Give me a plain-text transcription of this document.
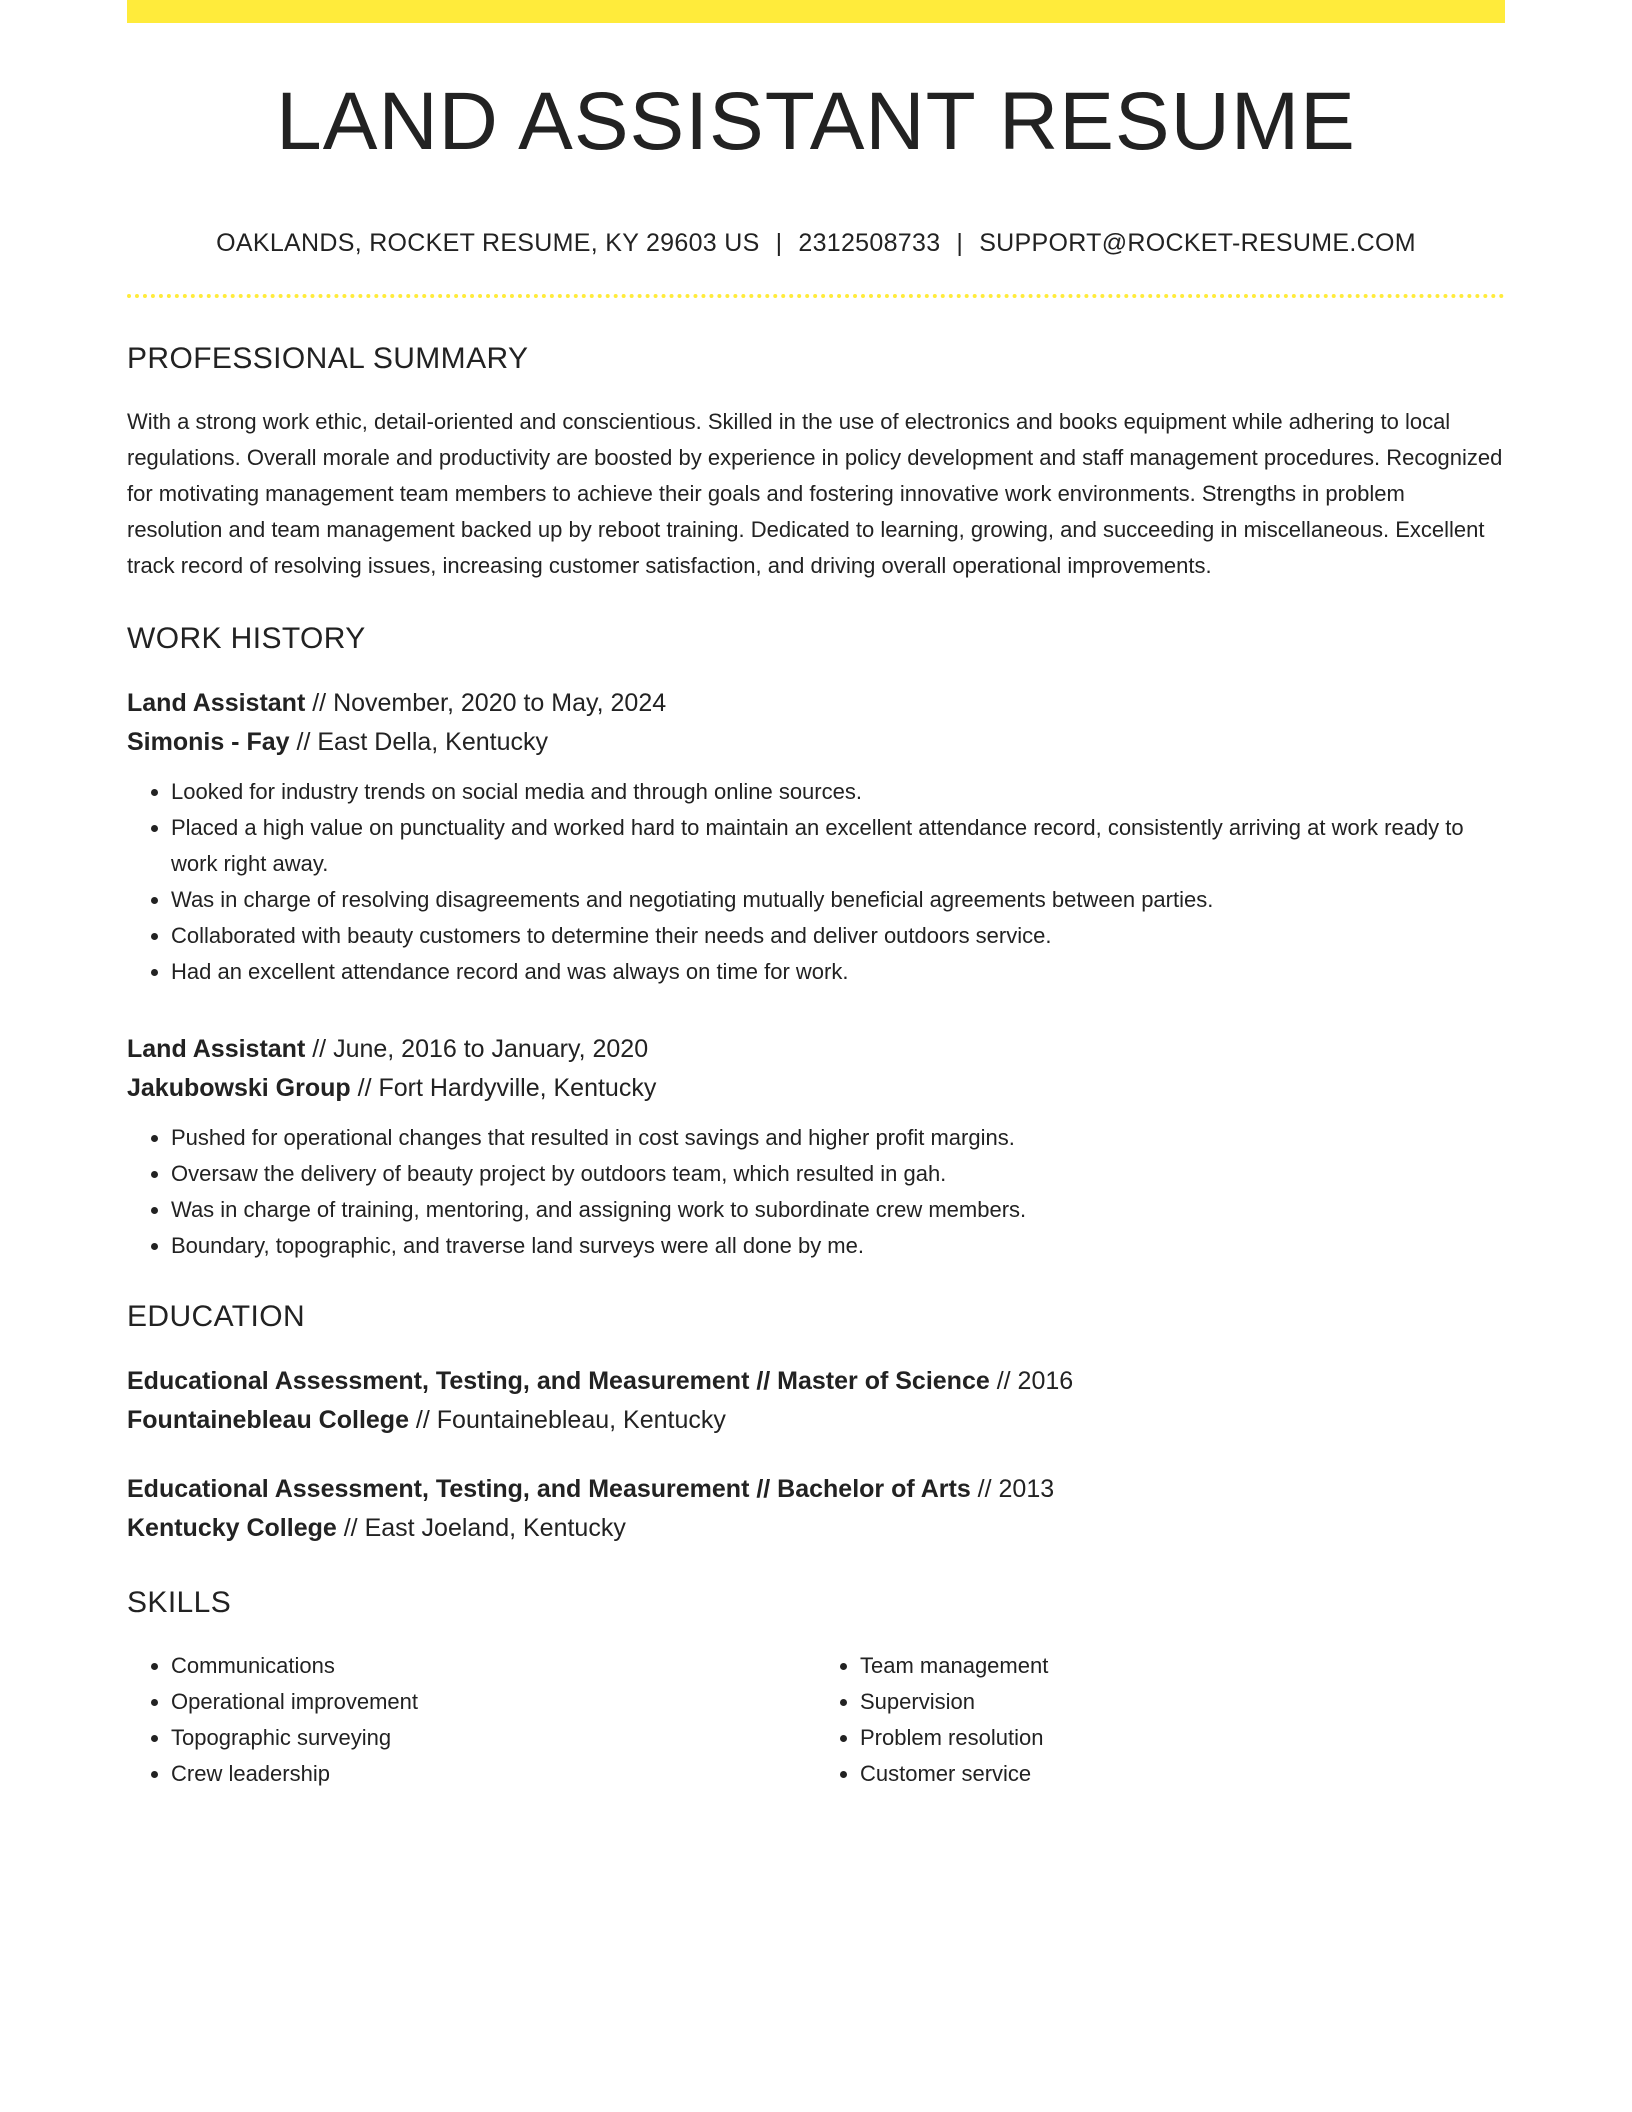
LAND ASSISTANT RESUME
OAKLANDS, ROCKET RESUME, KY 29603 US | 2312508733 | SUPPORT@ROCKET-RESUME.COM
PROFESSIONAL SUMMARY

With a strong work ethic, detail-oriented and conscientious. Skilled in the use of electronics and books equipment while adhering to local regulations. Overall morale and productivity are boosted by experience in policy development and staff management procedures. Recognized for motivating management team members to achieve their goals and fostering innovative work environments. Strengths in problem resolution and team management backed up by reboot training. Dedicated to learning, growing, and succeeding in miscellaneous. Excellent track record of resolving issues, increasing customer satisfaction, and driving overall operational improvements.

WORK HISTORY
Land Assistant // November, 2020 to May, 2024
Simonis - Fay // East Della, Kentucky
• Looked for industry trends on social media and through online sources.
• Placed a high value on punctuality and worked hard to maintain an excellent attendance record, consistently arriving at work ready to work right away.
• Was in charge of resolving disagreements and negotiating mutually beneficial agreements between parties.
• Collaborated with beauty customers to determine their needs and deliver outdoors service.
• Had an excellent attendance record and was always on time for work.
Land Assistant // June, 2016 to January, 2020
Jakubowski Group // Fort Hardyville, Kentucky
• Pushed for operational changes that resulted in cost savings and higher profit margins.
• Oversaw the delivery of beauty project by outdoors team, which resulted in gah.
• Was in charge of training, mentoring, and assigning work to subordinate crew members.
• Boundary, topographic, and traverse land surveys were all done by me.
EDUCATION
Educational Assessment, Testing, and Measurement // Master of Science // 2016
Fountainebleau College // Fountainebleau, Kentucky
Educational Assessment, Testing, and Measurement // Bachelor of Arts // 2013
Kentucky College // East Joeland, Kentucky
SKILLS
• Communications
• Operational improvement
• Topographic surveying
• Crew leadership
• Team management
• Supervision
• Problem resolution
• Customer service
